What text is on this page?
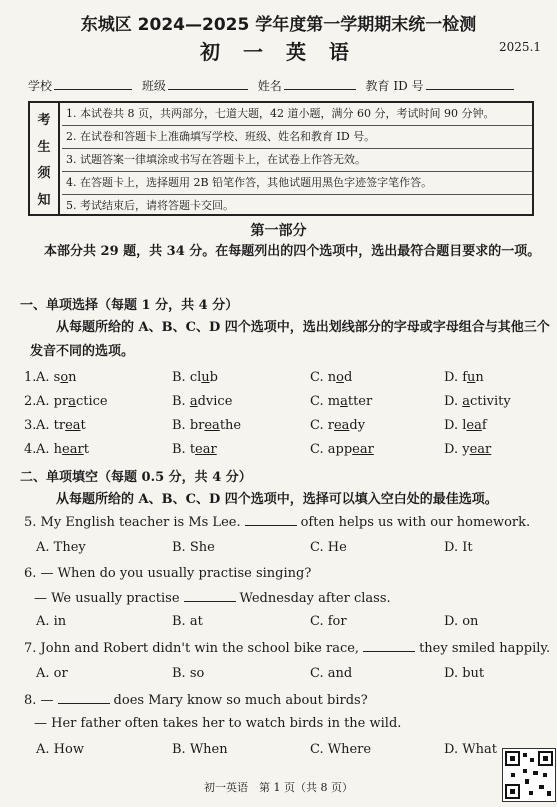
东城区 2024—2025 学年度第一学期期末统一检测
初 一 英 语	2025.1
学校	班级	姓名	教育 ID 号
考
生
须
知
1. 本试卷共 8 页，共两部分，七道大题，42 道小题，满分 60 分，考试时间 90 分钟。
2. 在试卷和答题卡上准确填写学校、班级、姓名和教育 ID 号。
3. 试题答案一律填涂或书写在答题卡上，在试卷上作答无效。
4. 在答题卡上，选择题用 2B 铅笔作答，其他试题用黑色字迹签字笔作答。
5. 考试结束后，请将答题卡交回。
第一部分
本部分共 29 题，共 34 分。在每题列出的四个选项中，选出最符合题目要求的一项。
一、单项选择（每题 1 分，共 4 分）
从每题所给的 A、B、C、D 四个选项中，选出划线部分的字母或字母组合与其他三个发音不同的选项。
1. A. son	B. club	C. nod	D. fun
2. A. practice	B. advice	C. matter	D. activity
3. A. treat	B. breathe	C. ready	D. leaf
4. A. heart	B. tear	C. appear	D. year
二、单项填空（每题 0.5 分，共 4 分）
从每题所给的 A、B、C、D 四个选项中，选择可以填入空白处的最佳选项。
5. My English teacher is Ms Lee.	often helps us with our homework.
A. They	B. She	C. He	D. It
6. — When do you usually practise singing?
— We usually practise	Wednesday after class.
A. in	B. at	C. for	D. on
7. John and Robert didn't win the school bike race,	they smiled happily.
A. or	B. so	C. and	D. but
8. —	does Mary know so much about birds?
— Her father often takes her to watch birds in the wild.
A. How	B. When	C. Where	D. What
初一英语　第 1 页（共 8 页）
